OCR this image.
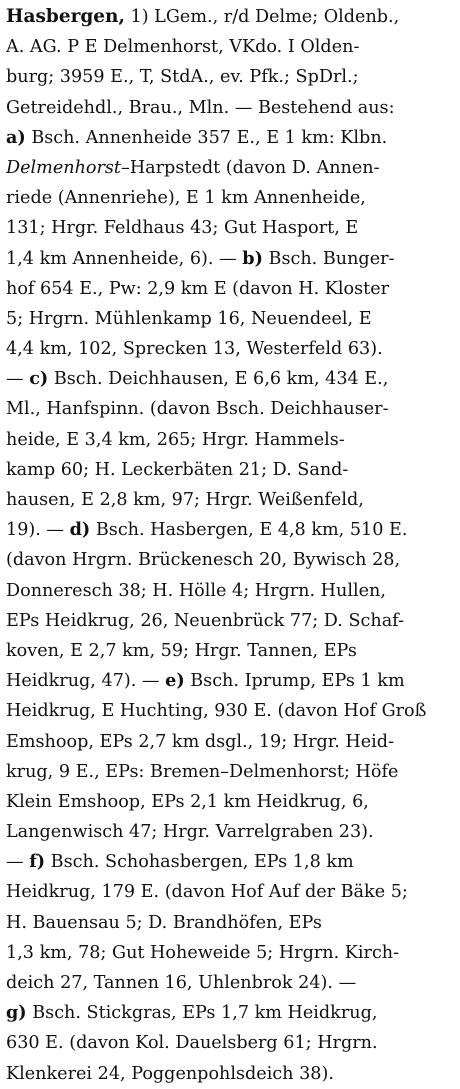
Hasbergen, 1) LGem., r/d Delme; Oldenb.,
A. AG. P E Delmenhorst, VKdo. I Olden-
burg; 3959 E., T, StdA., ev. Pfk.; SpDrl.;
Getreidehdl., Brau., Mln. — Bestehend aus:
a) Bsch. Annenheide 357 E., E 1 km: Klbn.
Delmenhorst–Harpstedt (davon D. Annen-
riede (Annenriehe), E 1 km Annenheide,
131; Hrgr. Feldhaus 43; Gut Hasport, E
1,4 km Annenheide, 6). — b) Bsch. Bunger-
hof 654 E., Pw: 2,9 km E (davon H. Kloster
5; Hrgrn. Mühlenkamp 16, Neuendeel, E
4,4 km, 102, Sprecken 13, Westerfeld 63).
— c) Bsch. Deichhausen, E 6,6 km, 434 E.,
Ml., Hanfspinn. (davon Bsch. Deichhauser-
heide, E 3,4 km, 265; Hrgr. Hammels-
kamp 60; H. Leckerbäten 21; D. Sand-
hausen, E 2,8 km, 97; Hrgr. Weißenfeld,
19). — d) Bsch. Hasbergen, E 4,8 km, 510 E.
(davon Hrgrn. Brückenesch 20, Bywisch 28,
Donneresch 38; H. Hölle 4; Hrgrn. Hullen,
EPs Heidkrug, 26, Neuenbrück 77; D. Schaf-
koven, E 2,7 km, 59; Hrgr. Tannen, EPs
Heidkrug, 47). — e) Bsch. Iprump, EPs 1 km
Heidkrug, E Huchting, 930 E. (davon Hof Groß
Emshoop, EPs 2,7 km dsgl., 19; Hrgr. Heid-
krug, 9 E., EPs: Bremen–Delmenhorst; Höfe
Klein Emshoop, EPs 2,1 km Heidkrug, 6,
Langenwisch 47; Hrgr. Varrelgraben 23).
— f) Bsch. Schohasbergen, EPs 1,8 km
Heidkrug, 179 E. (davon Hof Auf der Bäke 5;
H. Bauensau 5; D. Brandhöfen, EPs
1,3 km, 78; Gut Hoheweide 5; Hrgrn. Kirch-
deich 27, Tannen 16, Uhlenbrok 24). —
g) Bsch. Stickgras, EPs 1,7 km Heidkrug,
630 E. (davon Kol. Dauelsberg 61; Hrgrn.
Klenkerei 24, Poggenpohlsdeich 38).
